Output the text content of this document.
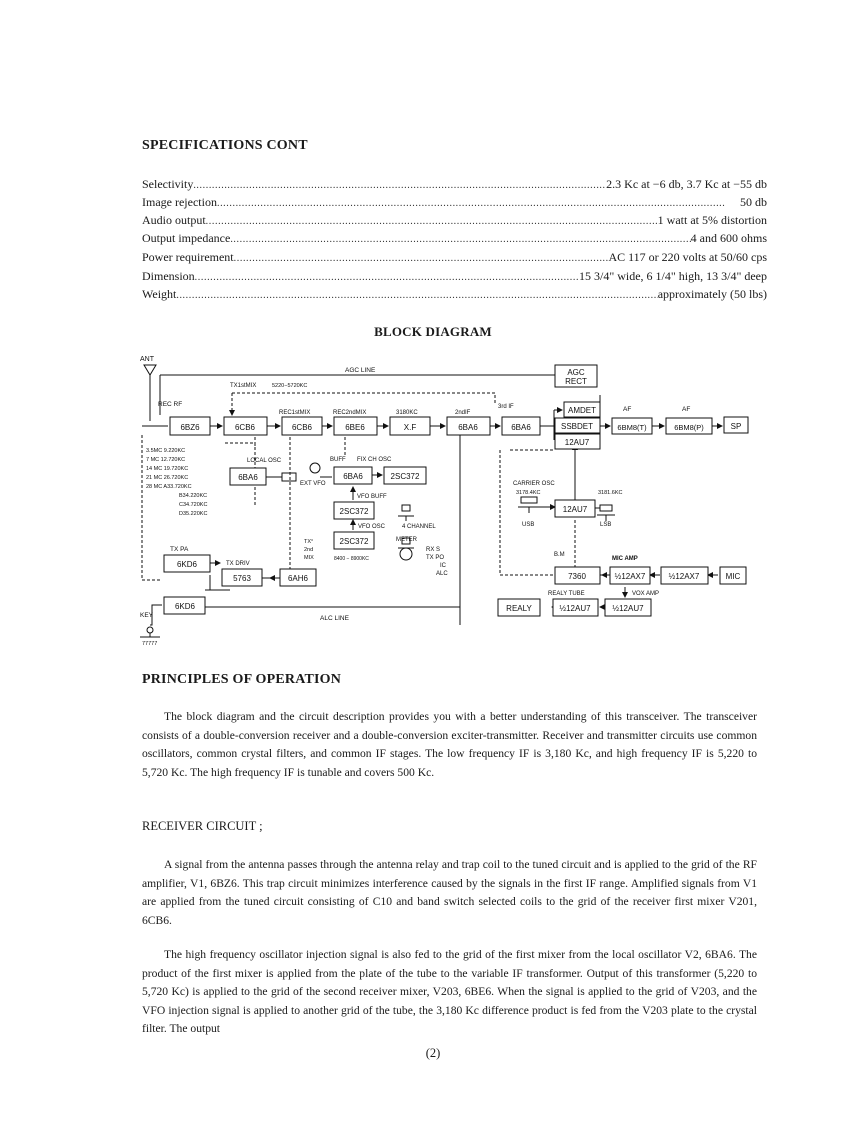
SPECIFICATIONS CONT
Selectivity .....	2.3 Kc at −6 db, 3.7 Kc at −55 db
Image rejection .....	50 db
Audio output .....	1 watt at 5% distortion
Output impedance .....	4 and 600 ohms
Power requirement .....	AC 117 or 220 volts at 50/60 cps
Dimension .....	15 3/4" wide, 6 1/4" high, 13 3/4" deep
Weight .....	approximately (50 lbs)
BLOCK DIAGRAM
6BZ6	6CB6	6CB6	6BE6	X.F	6BA6	6BA6
AGC
RECT
AMDET
SSBDET
12AU7
6BM8(T)	6BM8(P)	SP
6BA6	6BA6	2SC372
2SC372
2SC372
12AU7
6KD6
6KD6
5763	6AH6	7360	½12AX7	½12AX7	MIC
REALY	½12AU7	½12AU7
ANT
AGC LINE
TX1stMIX	5220−5720KC
REC RF
REC1stMIX	REC2ndMIX	3180KC	2ndIF
3rd IF	AF	AF
3.5MC 9.220KC
7 MC 12.720KC
14 MC 19.720KC
21 MC 26.720KC
28 MC A33.720KC
B34.220KC
C34.720KC
D35.220KC
LOCAL OSC	BUFF FIX CH OSC
EXT VFO
VFO BUFF
VFO OSC	4 CHANNEL
METER
8400 − 8900KC
RX S
TX PO
IC
ALC
TX°
2nd
MIX
TX PA
TX DRIV
KEY	ALC LINE
CARRIER OSC
3178.4KC	3181.6KC
USB	LSB
B.M
MIC AMP
REALY TUBE	VOX AMP
77777
PRINCIPLES OF OPERATION
The block diagram and the circuit description provides you with a better understanding of this transceiver. The transceiver consists of a double-conversion receiver and a double-conversion exciter-transmitter. Receiver and transmitter circuits use common oscillators, common crystal filters, and common IF stages. The low frequency IF is 3,180 Kc, and high frequency IF is 5,220 to 5,720 Kc. The high frequency IF is tunable and covers 500 Kc.
RECEIVER CIRCUIT ;
A signal from the antenna passes through the antenna relay and trap coil to the tuned circuit and is applied to the grid of the RF amplifier, V1, 6BZ6. This trap circuit minimizes interference caused by the signals in the first IF range. Amplified signals from V1 are applied from the tuned circuit consisting of C10 and band switch selected coils to the grid of the receiver first mixer V201, 6CB6.
The high frequency oscillator injection signal is also fed to the grid of the first mixer from the local oscillator V2, 6BA6. The product of the first mixer is applied from the plate of the tube to the variable IF transformer. Output of this transformer (5,220 to 5,720 Kc) is applied to the grid of the second receiver mixer, V203, 6BE6. When the signal is applied to the grid of V203, and the VFO injection signal is applied to another grid of the tube, the 3,180 Kc difference product is fed from the V203 plate to the crystal filter. The output
(2)
